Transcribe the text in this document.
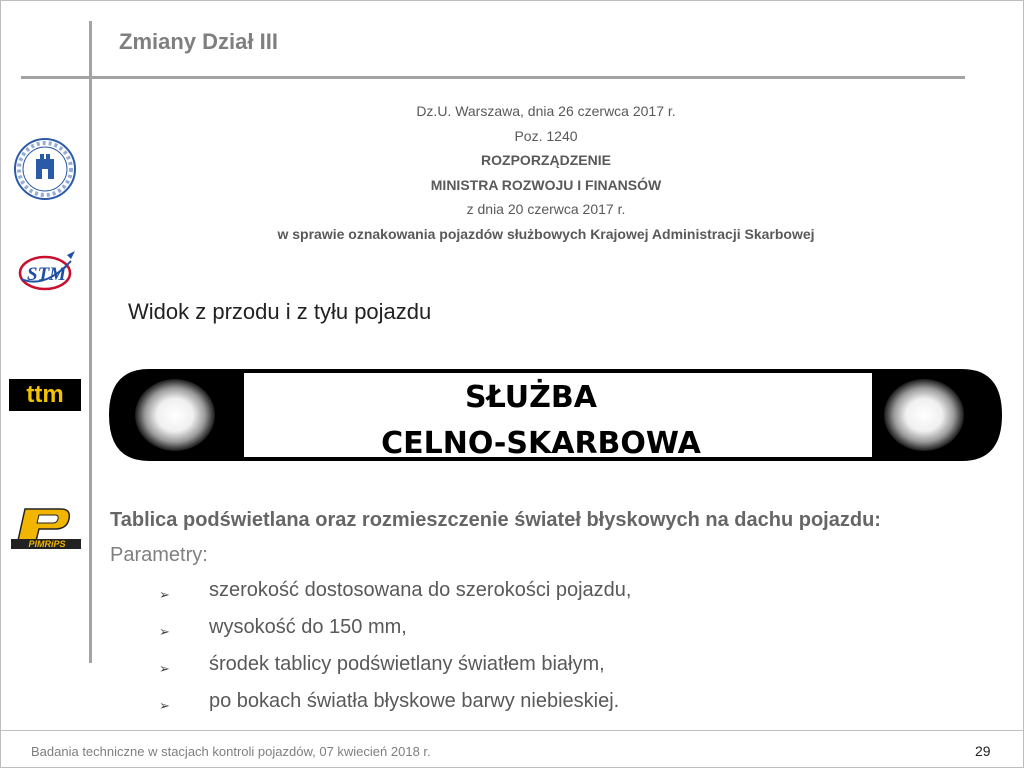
Zmiany Dział III
Dz.U. Warszawa, dnia 26 czerwca 2017 r.
Poz. 1240
ROZPORZĄDZENIE
MINISTRA ROZWOJU I FINANSÓW
z dnia 20 czerwca 2017 r.
w sprawie oznakowania pojazdów służbowych Krajowej Administracji Skarbowej
STM
ttm
PIMRiPS
Widok z przodu i z tyłu pojazdu
SŁUŻBA
CELNO-SKARBOWA
Tablica podświetlana oraz rozmieszczenie świateł błyskowych na dachu pojazdu:
Parametry:
➢ szerokość dostosowana do szerokości pojazdu,
➢ wysokość do 150 mm,
➢ środek tablicy podświetlany światłem białym,
➢ po bokach światła błyskowe barwy niebieskiej.
Badania techniczne w stacjach kontroli pojazdów, 07 kwiecień 2018 r.	29
